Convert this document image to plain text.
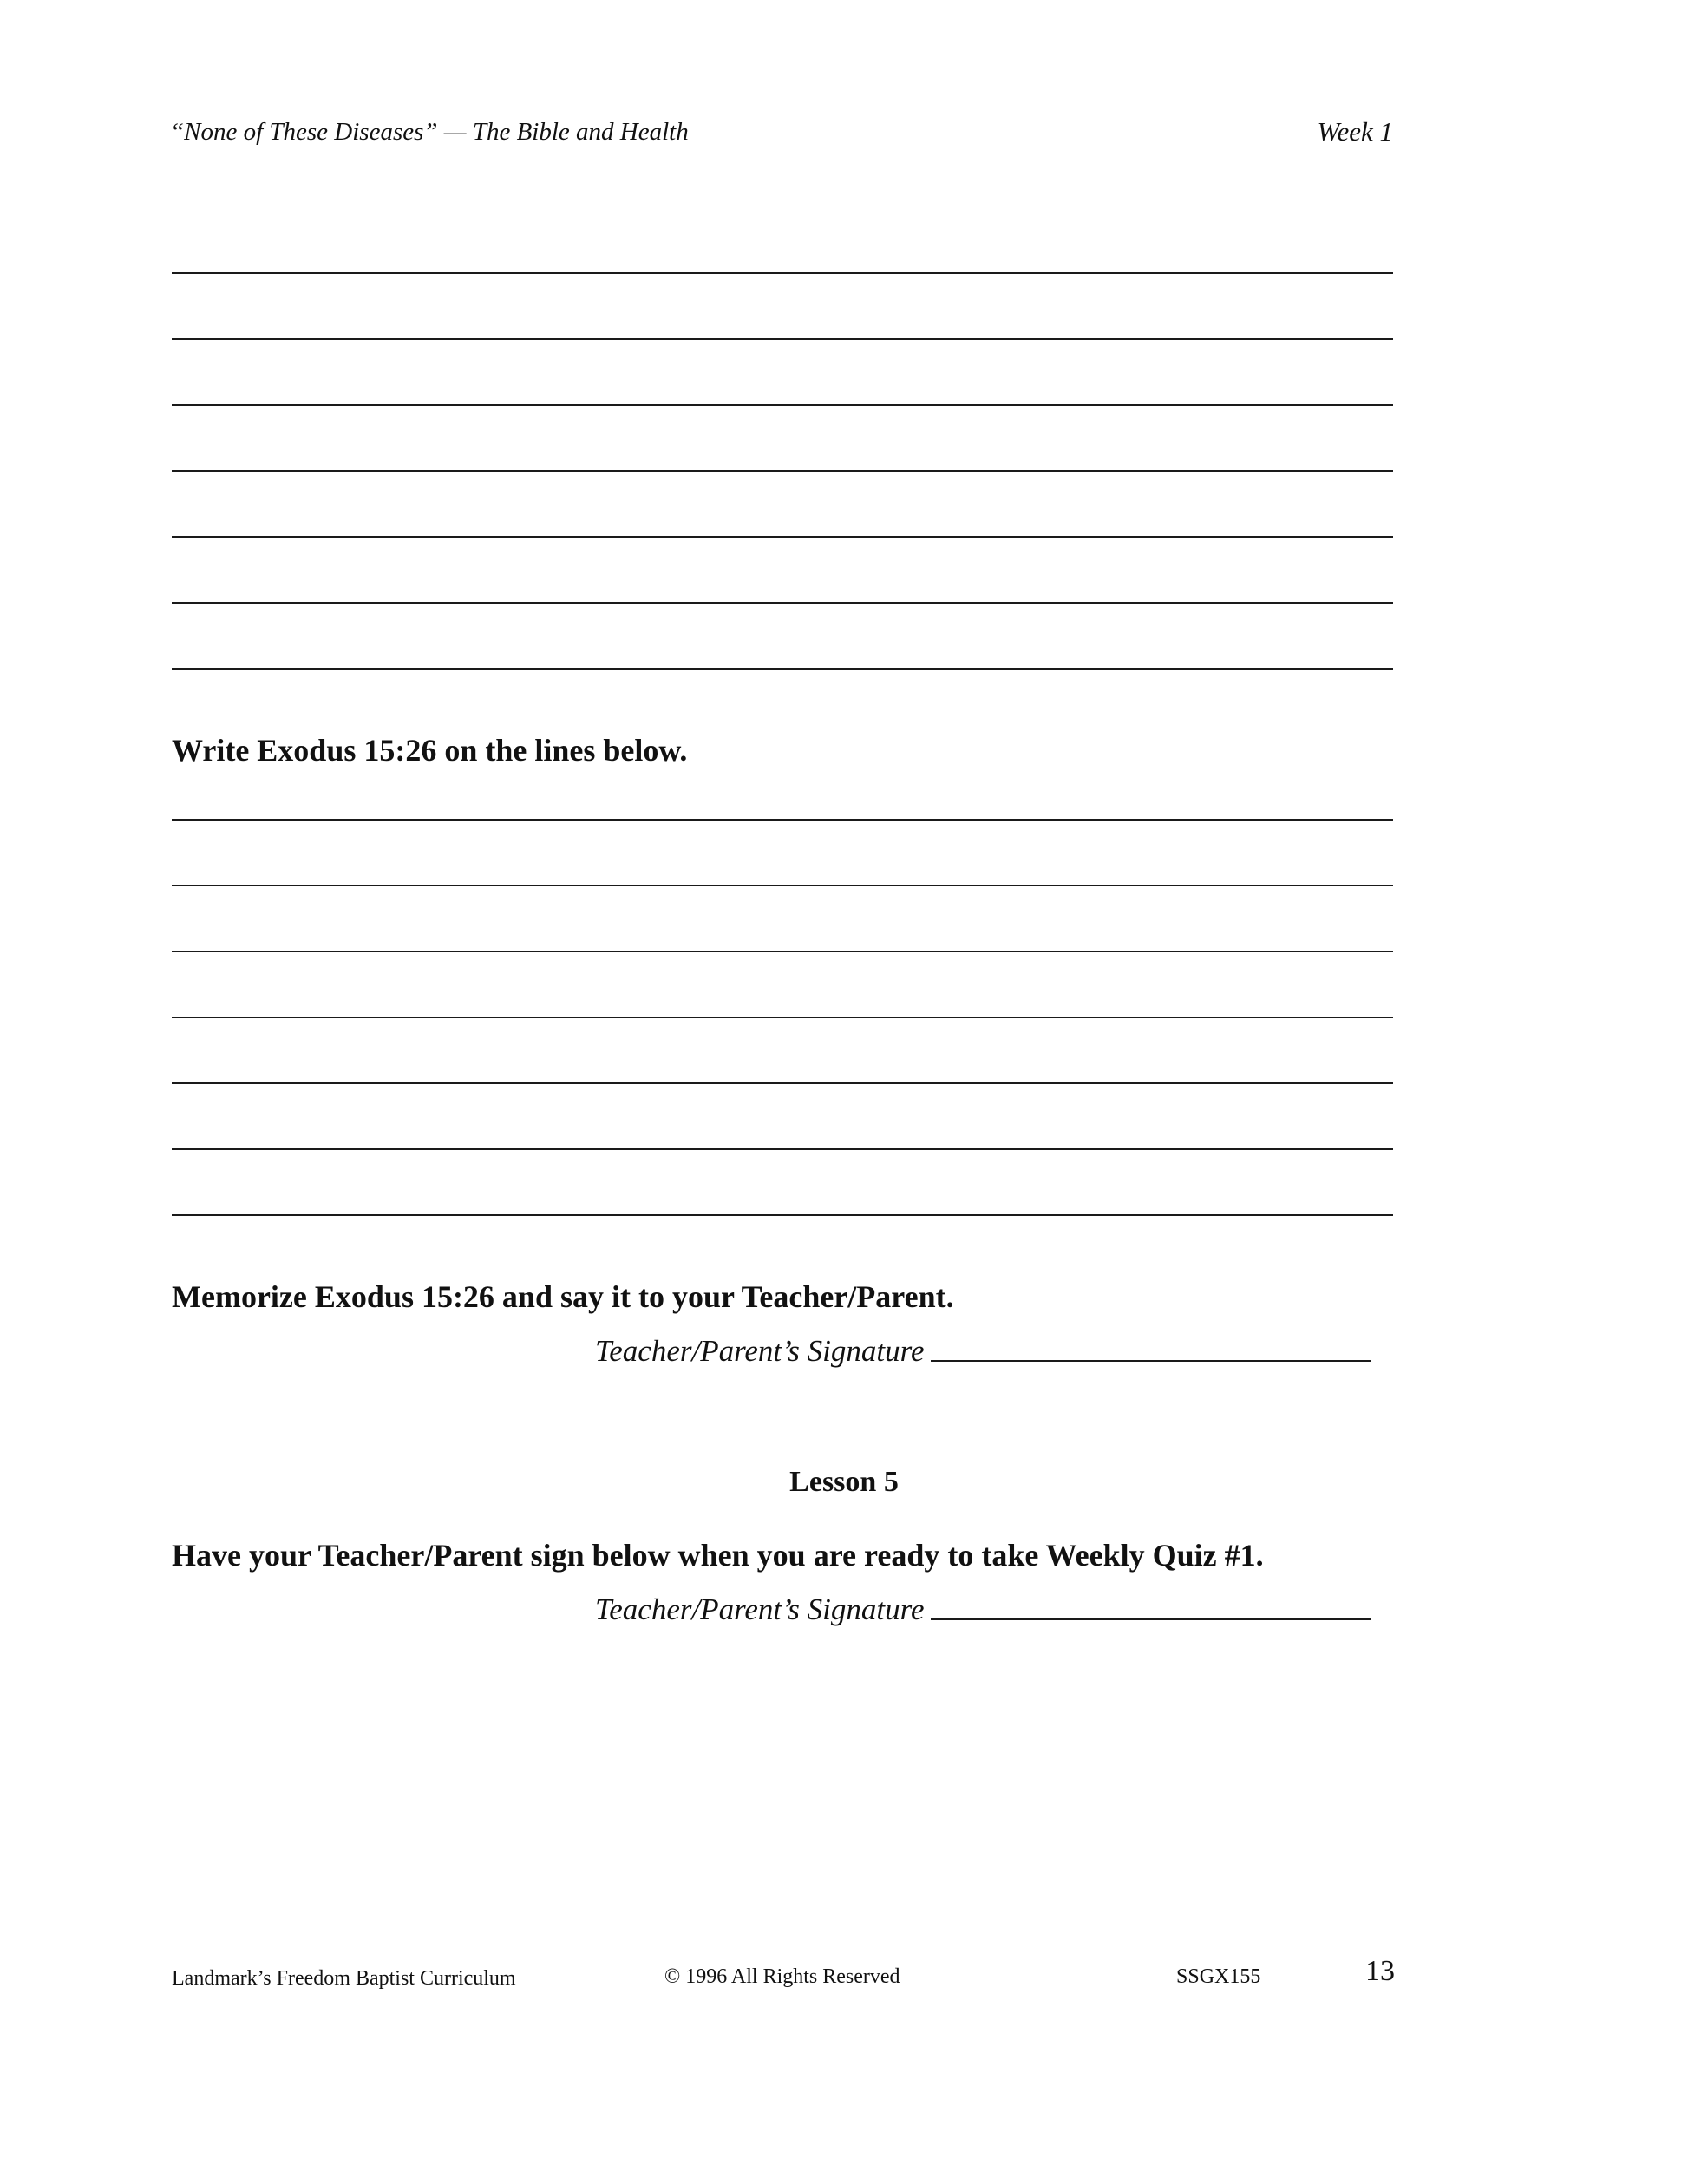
“None of These Diseases” — The Bible and Health	Week 1
Write Exodus 15:26 on the lines below.
Memorize Exodus 15:26 and say it to your Teacher/Parent.
Teacher/Parent’s Signature
Lesson 5
Have your Teacher/Parent sign below when you are ready to take Weekly Quiz #1.
Teacher/Parent’s Signature
Landmark’s Freedom Baptist Curriculum	© 1996 All Rights Reserved	SSGX155	13
